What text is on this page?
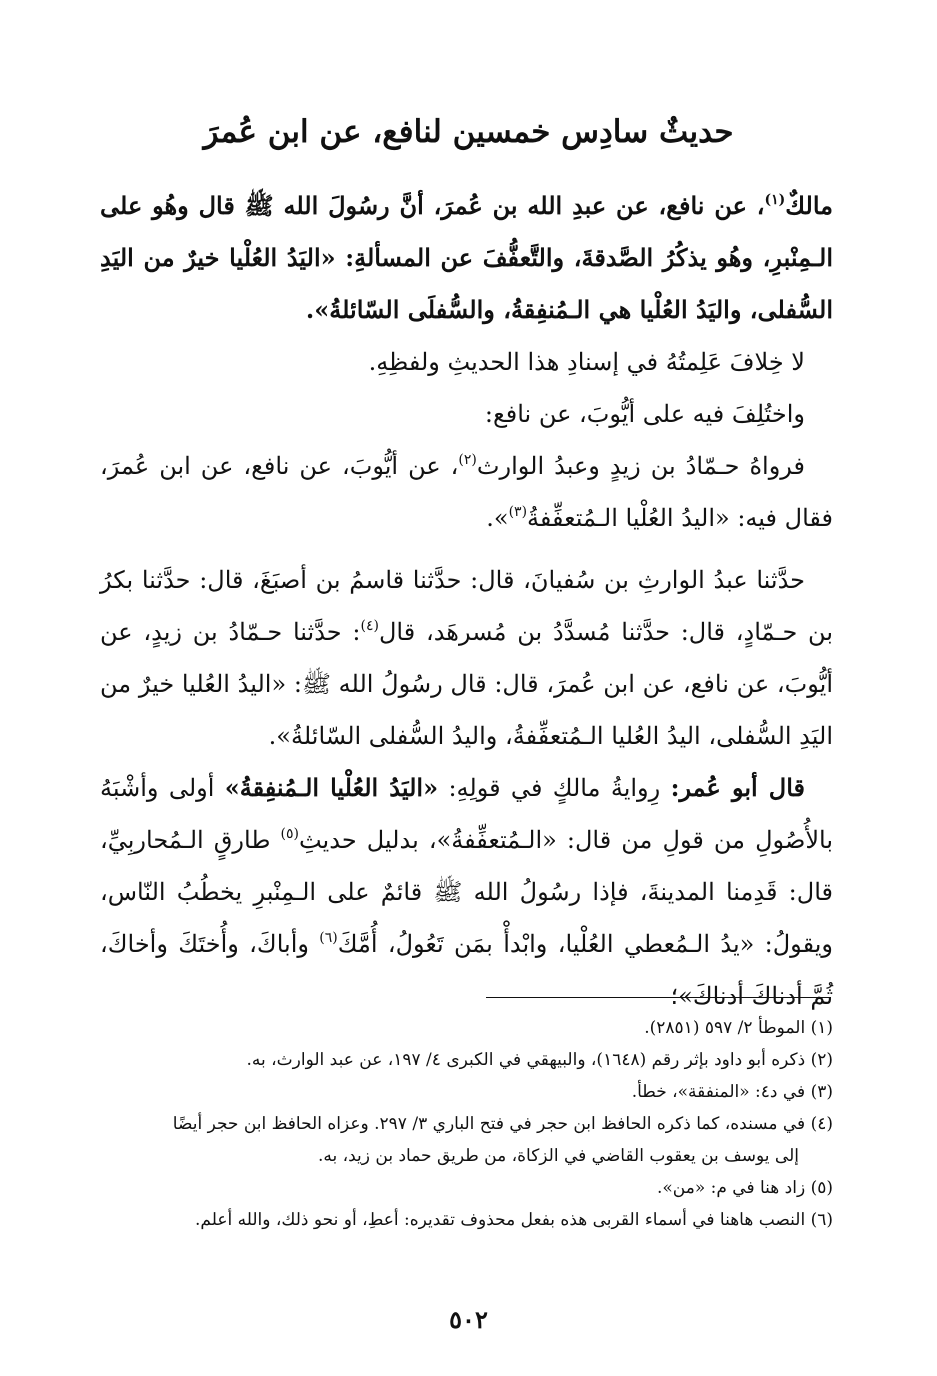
حديثٌ سادِس خمسين لنافع، عن ابن عُمرَ

مالكٌ$^{(١)}$، عن نافع، عن عبدِ الله بن عُمرَ، أنَّ رسُولَ الله ﷺ قال وهُو على الـمِنْبرِ، وهُو يذكُرُ الصَّدقةَ، والتَّعفُّفَ عن المسألةِ: «اليَدُ العُلْيا خيرٌ من اليَدِ السُّفلى، واليَدُ العُلْيا هي الـمُنفِقةُ، والسُّفلَى السّائلةُ».

لا خِلافَ عَلِمتُهُ في إسنادِ هذا الحديثِ ولفظِهِ.

واختُلِفَ فيه على أيُّوبَ، عن نافع:

فرواهُ حـمّادُ بن زيدٍ وعبدُ الوارث$^{(٢)}$، عن أيُّوبَ، عن نافع، عن ابن عُمرَ، فقال فيه: «اليدُ العُلْيا الـمُتعفِّفةُ$^{(٣)}$».

حدَّثنا عبدُ الوارثِ بن سُفيانَ، قال: حدَّثنا قاسمُ بن أصبَغَ، قال: حدَّثنا بكرُ بن حـمّادٍ، قال: حدَّثنا مُسدَّدُ بن مُسرهَد، قال$^{(٤)}$: حدَّثنا حـمّادُ بن زيدٍ، عن أيُّوبَ، عن نافع، عن ابن عُمرَ، قال: قال رسُولُ الله ﷺ: «اليدُ العُليا خيرٌ من اليَدِ السُّفلى، اليدُ العُليا الـمُتعفِّفةُ، واليدُ السُّفلى السّائلةُ».

قال أبو عُمر: رِوايةُ مالكٍ في قولِهِ: «اليَدُ العُلْيا الـمُنفِقةُ» أولى وأشْبَهُ بالأُصُولِ من قولِ من قال: «الـمُتعفِّفةُ»، بدليل حديثِ$^{(٥)}$ طارقٍ الـمُحاربِيِّ، قال: قَدِمنا المدينةَ، فإذا رسُولُ الله ﷺ قائمٌ على الـمِنْبرِ يخطُبُ النّاس، ويقولُ: «يدُ الـمُعطي العُلْيا، وابْدأْ بمَن تَعُولُ، أُمَّكَ$^{(٦)}$ وأباكَ، وأُختَكَ وأخاكَ، ثُمَّ أدناكَ أدناكَ»؛

(١) الموطأ ٢/ ٥٩٧ (٢٨٥١).

(٢) ذكره أبو داود بإثر رقم (١٦٤٨)، والبيهقي في الكبرى ٤/ ١٩٧، عن عبد الوارث، به.

(٣) في د٤: «المنفقة»، خطأ.

(٤) في مسنده، كما ذكره الحافظ ابن حجر في فتح الباري ٣/ ٢٩٧. وعزاه الحافظ ابن حجر أيضًا

إلى يوسف بن يعقوب القاضي في الزكاة، من طريق حماد بن زيد، به.

(٥) زاد هنا في م: «من».

(٦) النصب هاهنا في أسماء القربى هذه بفعل محذوف تقديره: أعطِ، أو نحو ذلك، والله أعلم.

٥٠٢
